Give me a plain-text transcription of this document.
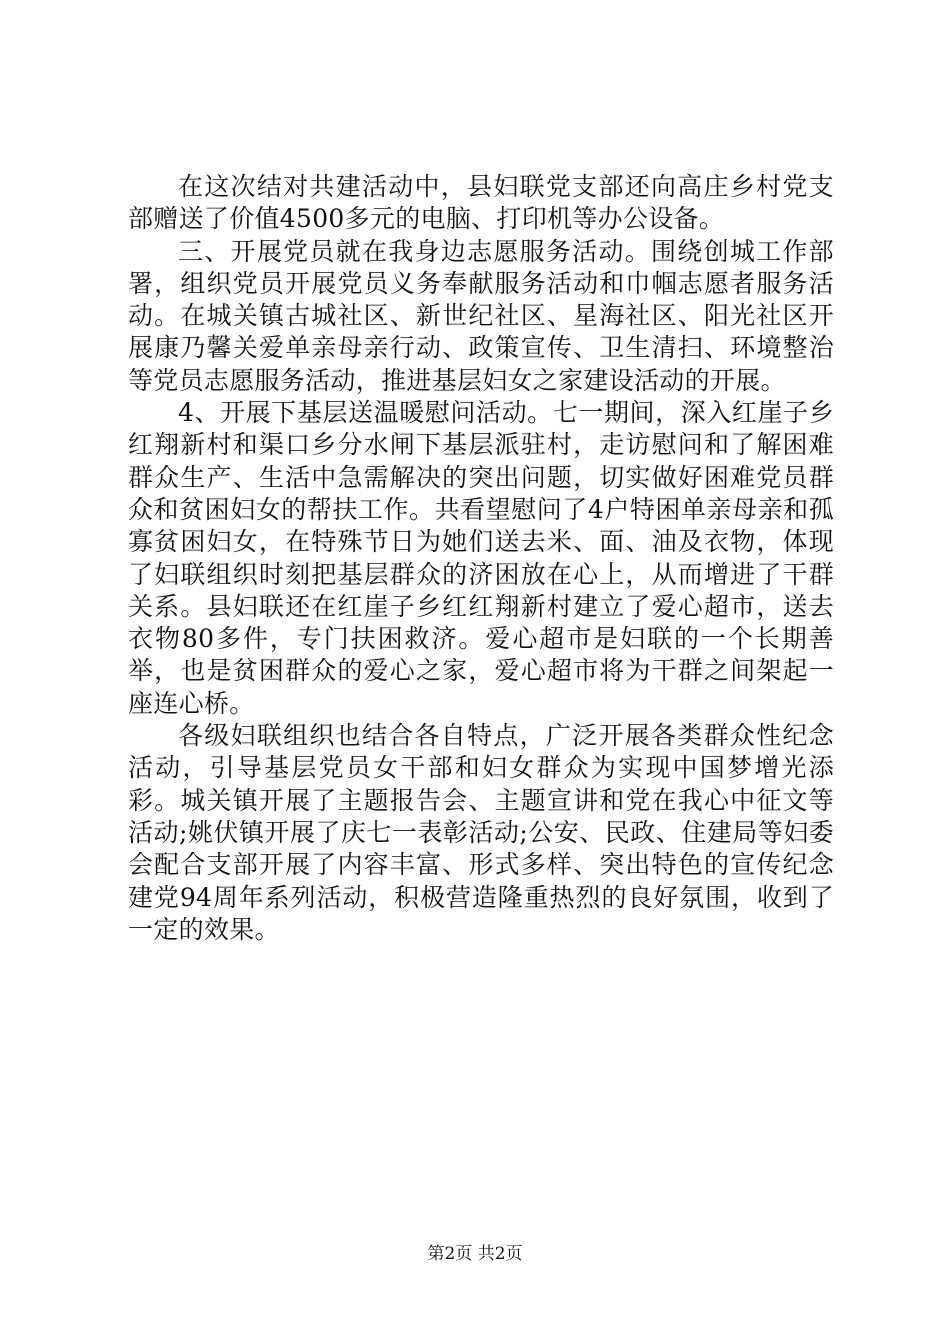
在这次结对共建活动中，县妇联党支部还向高庄乡村党支部赠送了价值4500多元的电脑、打印机等办公设备。

三、开展党员就在我身边志愿服务活动。围绕创城工作部署，组织党员开展党员义务奉献服务活动和巾帼志愿者服务活动。在城关镇古城社区、新世纪社区、星海社区、阳光社区开展康乃馨关爱单亲母亲行动、政策宣传、卫生清扫、环境整治等党员志愿服务活动，推进基层妇女之家建设活动的开展。

4、开展下基层送温暖慰问活动。七一期间，深入红崖子乡红翔新村和渠口乡分水闸下基层派驻村，走访慰问和了解困难群众生产、生活中急需解决的突出问题，切实做好困难党员群众和贫困妇女的帮扶工作。共看望慰问了4户特困单亲母亲和孤寡贫困妇女，在特殊节日为她们送去米、面、油及衣物，体现了妇联组织时刻把基层群众的济困放在心上，从而增进了干群关系。县妇联还在红崖子乡红红翔新村建立了爱心超市，送去衣物80多件，专门扶困救济。爱心超市是妇联的一个长期善举，也是贫困群众的爱心之家，爱心超市将为干群之间架起一座连心桥。

各级妇联组织也结合各自特点，广泛开展各类群众性纪念活动，引导基层党员女干部和妇女群众为实现中国梦增光添彩。城关镇开展了主题报告会、主题宣讲和党在我心中征文等活动;姚伏镇开展了庆七一表彰活动;公安、民政、住建局等妇委会配合支部开展了内容丰富、形式多样、突出特色的宣传纪念建党94周年系列活动，积极营造隆重热烈的良好氛围，收到了一定的效果。

第2页 共2页
